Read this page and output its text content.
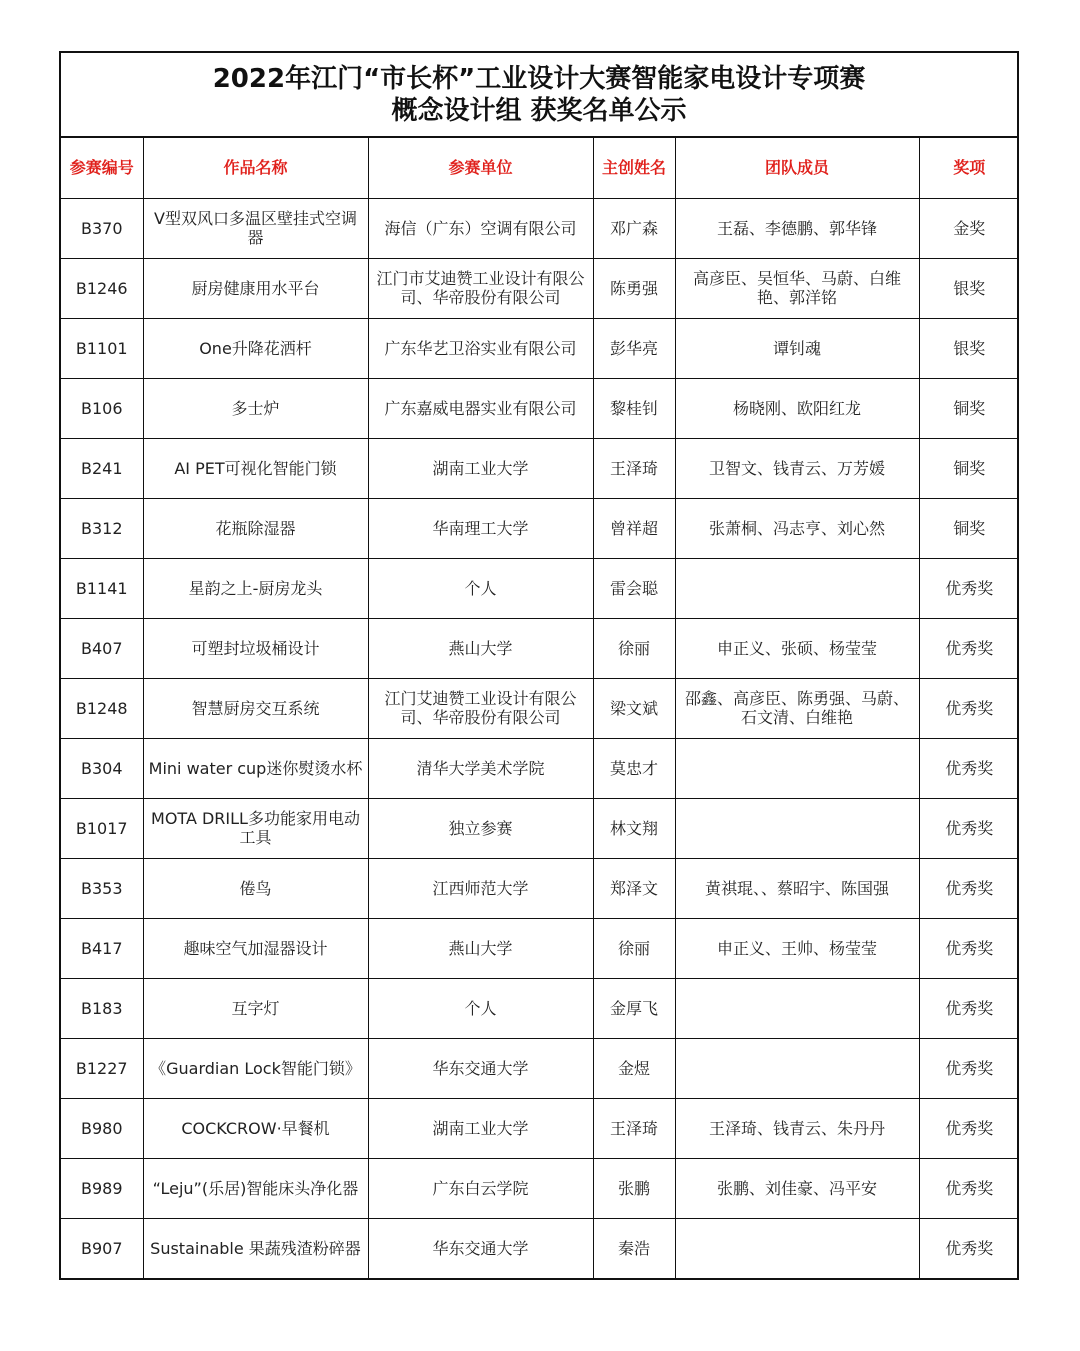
2022年江门“市长杯”工业设计大赛智能家电设计专项赛
概念设计组 获奖名单公示
参赛编号	作品名称	参赛单位	主创姓名	团队成员	奖项
B370	V型双风口多温区壁挂式空调器	海信（广东）空调有限公司	邓广森	王磊、李德鹏、郭华锋	金奖
B1246	厨房健康用水平台	江门市艾迪赞工业设计有限公司、华帝股份有限公司	陈勇强	高彦臣、吴恒华、马蔚、白维艳、郭洋铭	银奖
B1101	One升降花洒杆	广东华艺卫浴实业有限公司	彭华亮	谭钊魂	银奖
B106	多士炉	广东嘉威电器实业有限公司	黎桂钊	杨晓刚、欧阳红龙	铜奖
B241	AI PET可视化智能门锁	湖南工业大学	王泽琦	卫智文、钱青云、万芳媛	铜奖
B312	花瓶除湿器	华南理工大学	曾祥超	张萧桐、冯志亨、刘心然	铜奖
B1141	星韵之上-厨房龙头	个人	雷会聪		优秀奖
B407	可塑封垃圾桶设计	燕山大学	徐丽	申正义、张硕、杨莹莹	优秀奖
B1248	智慧厨房交互系统	江门艾迪赞工业设计有限公司、华帝股份有限公司	梁文斌	邵鑫、高彦臣、陈勇强、马蔚、石文清、白维艳	优秀奖
B304	Mini water cup迷你熨烫水杯	清华大学美术学院	莫忠才		优秀奖
B1017	MOTA DRILL多功能家用电动工具	独立参赛	林文翔		优秀奖
B353	倦鸟	江西师范大学	郑泽文	黄祺琨、、蔡昭宇、陈国强	优秀奖
B417	趣味空气加湿器设计	燕山大学	徐丽	申正义、王帅、杨莹莹	优秀奖
B183	互字灯	个人	金厚飞		优秀奖
B1227	《Guardian Lock智能门锁》	华东交通大学	金煜		优秀奖
B980	COCKCROW·早餐机	湖南工业大学	王泽琦	王泽琦、钱青云、朱丹丹	优秀奖
B989	“Leju”(乐居)智能床头净化器	广东白云学院	张鹏	张鹏、刘佳豪、冯平安	优秀奖
B907	Sustainable 果蔬残渣粉碎器	华东交通大学	秦浩		优秀奖
